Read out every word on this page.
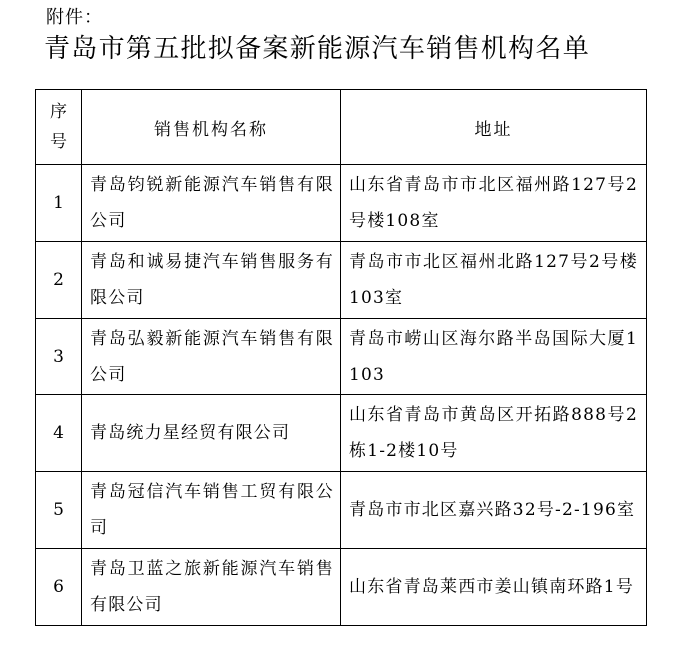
附件：
青岛市第五批拟备案新能源汽车销售机构名单
序
号	销售机构名称	地址
1	青岛钧锐新能源汽车销售有限公司	山东省青岛市市北区福州路127号2号楼108室
2	青岛和诚易捷汽车销售服务有限公司	青岛市市北区福州北路127号2号楼103室
3	青岛弘毅新能源汽车销售有限公司	青岛市崂山区海尔路半岛国际大厦1103
4	青岛统力星经贸有限公司	山东省青岛市黄岛区开拓路888号2栋1-2楼10号
5	青岛冠信汽车销售工贸有限公司	青岛市市北区嘉兴路32号-2-196室
6	青岛卫蓝之旅新能源汽车销售有限公司	山东省青岛莱西市姜山镇南环路1号
